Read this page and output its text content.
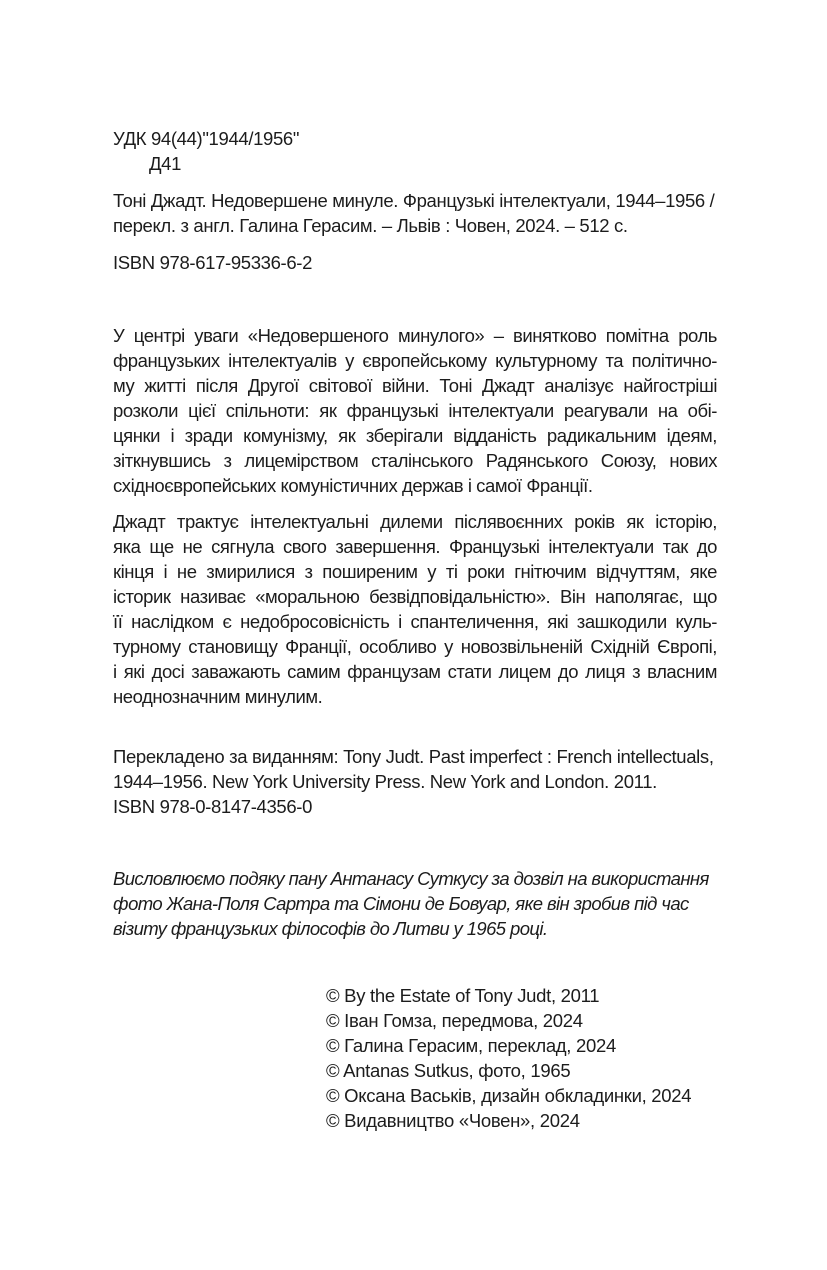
УДК 94(44)"1944/1956"
Д41
Тоні Джадт. Недовершене минуле. Французькі інтелектуали, 1944–1956 /
перекл. з англ. Галина Герасим. – Львів : Човен, 2024. – 512 с.
ISBN 978-617-95336-6-2
У центрі уваги «Недовершеного минулого» – винятково помітна роль
французьких інтелектуалів у європейському культурному та політично-
му житті після Другої світової війни. Тоні Джадт аналізує найгостріші
розколи цієї спільноти: як французькі інтелектуали реагували на обі-
цянки і зради комунізму, як зберігали відданість радикальним ідеям,
зіткнувшись з лицемірством сталінського Радянського Союзу, нових
східноєвропейських комуністичних держав і самої Франції.
Джадт трактує інтелектуальні дилеми післявоєнних років як історію,
яка ще не сягнула свого завершення. Французькі інтелектуали так до
кінця і не змирилися з поширеним у ті роки гнітючим відчуттям, яке
історик називає «моральною безвідповідальністю». Він наполягає, що
її наслідком є недобросовісність і спантеличення, які зашкодили куль-
турному становищу Франції, особливо у новозвільненій Східній Європі,
і які досі заважають самим французам стати лицем до лиця з власним
неоднозначним минулим.
Перекладено за виданням: Tony Judt. Past imperfect : French intellectuals,
1944–1956. New York University Press. New York and London. 2011.
ISBN 978-0-8147-4356-0
Висловлюємо подяку пану Антанасу Суткусу за дозвіл на використання
фото Жана-Поля Сартра та Сімони де Бовуар, яке він зробив під час
візиту французьких філософів до Литви у 1965 році.
© By the Estate of Tony Judt, 2011
© Іван Гомза, передмова, 2024
© Галина Герасим, переклад, 2024
© Antanas Sutkus, фото, 1965
© Оксана Васьків, дизайн обкладинки, 2024
© Видавництво «Човен», 2024
